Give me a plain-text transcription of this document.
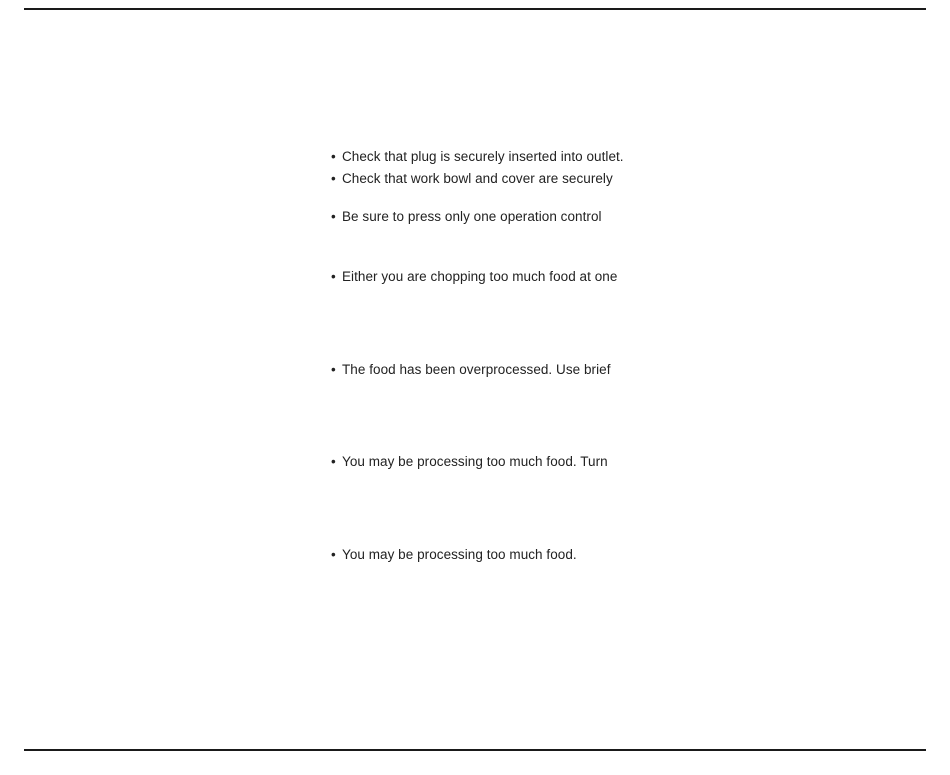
• Check that plug is securely inserted into outlet.
• Check that work bowl and cover are securely
• Be sure to press only one operation control
• Either you are chopping too much food at one
• The food has been overprocessed. Use brief
• You may be processing too much food. Turn
• You may be processing too much food.
